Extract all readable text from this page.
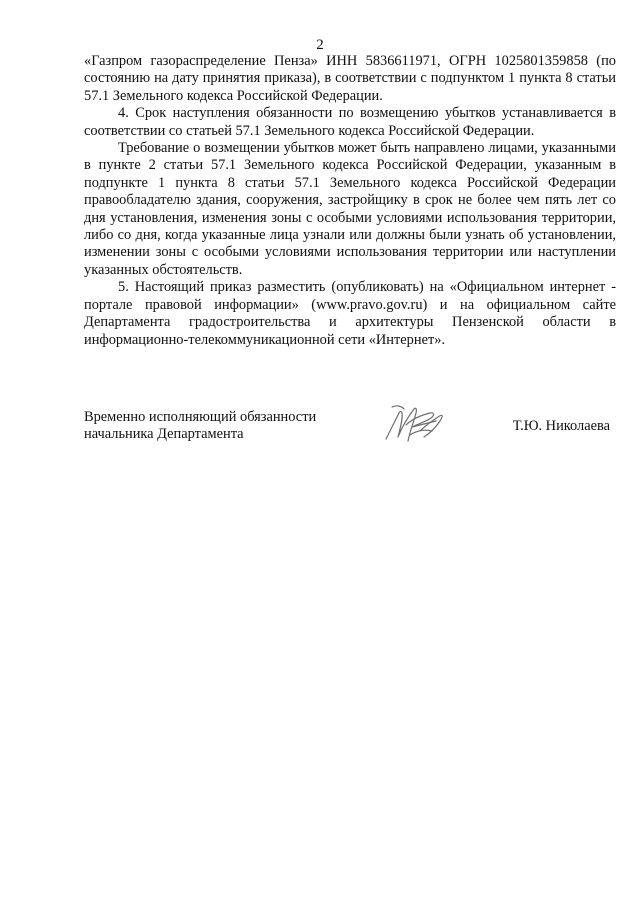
2

«Газпром газораспределение Пенза» ИНН 5836611971, ОГРН 1025801359858 (по состоянию на дату принятия приказа), в соответствии с подпунктом 1 пункта 8 статьи 57.1 Земельного кодекса Российской Федерации.

4. Срок наступления обязанности по возмещению убытков устанавливается в соответствии со статьей 57.1 Земельного кодекса Российской Федерации.

Требование о возмещении убытков может быть направлено лицами, указанными в пункте 2 статьи 57.1 Земельного кодекса Российской Федерации, указанным в подпункте 1 пункта 8 статьи 57.1 Земельного кодекса Российской Федерации правообладателю здания, сооружения, застройщику в срок не более чем пять лет со дня установления, изменения зоны с особыми условиями использования территории, либо со дня, когда указанные лица узнали или должны были узнать об установлении, изменении зоны с особыми условиями использования территории или наступлении указанных обстоятельств.

5. Настоящий приказ разместить (опубликовать) на «Официальном интернет - портале правовой информации» (www.pravo.gov.ru) и на официальном сайте Департамента градостроительства и архитектуры Пензенской области в информационно-телекоммуникационной сети «Интернет».

Временно исполняющий обязанности
начальника Департамента
Т.Ю. Николаева
